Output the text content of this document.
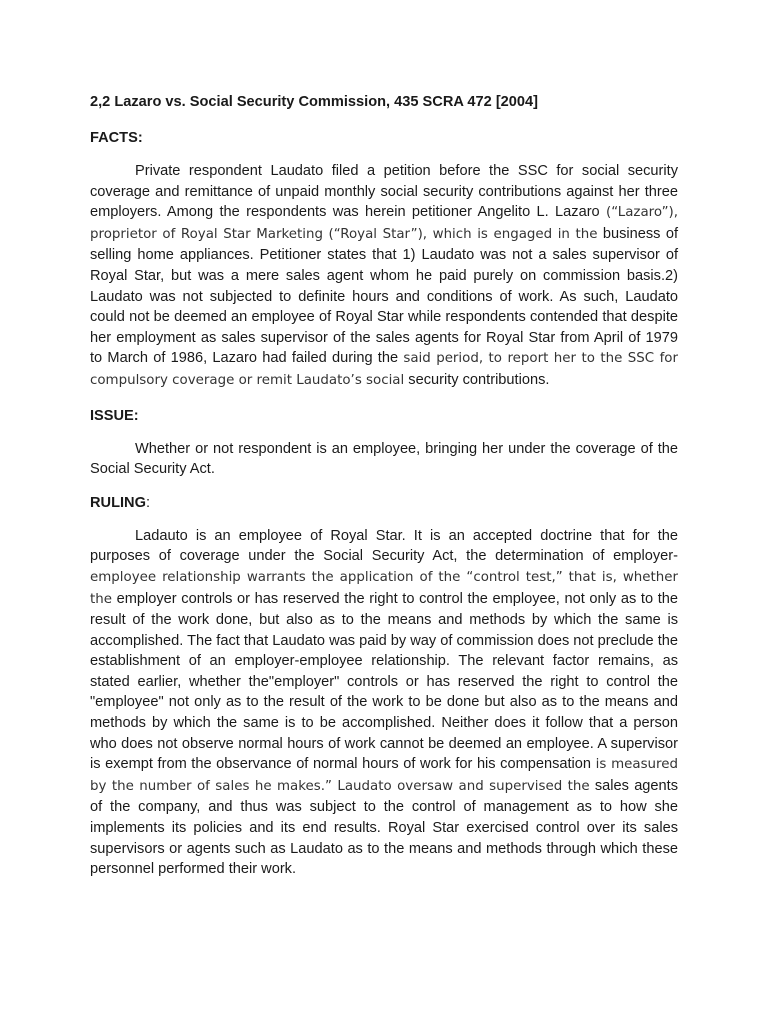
2,2 Lazaro vs. Social Security Commission, 435 SCRA 472 [2004]
FACTS:

Private respondent Laudato filed a petition before the SSC for social security coverage and remittance of unpaid monthly social security contributions against her three employers. Among the respondents was herein petitioner Angelito L. Lazaro (“Lazaro”), proprietor of Royal Star Marketing (“Royal Star”), which is engaged in the business of selling home appliances. Petitioner states that 1) Laudato was not a sales supervisor of Royal Star, but was a mere sales agent whom he paid purely on commission basis.2) Laudato was not subjected to definite hours and conditions of work. As such, Laudato could not be deemed an employee of Royal Star while respondents contended that despite her employment as sales supervisor of the sales agents for Royal Star from April of 1979 to March of 1986, Lazaro had failed during the said period, to report her to the SSC for compulsory coverage or remit Laudato’s social security contributions.

ISSUE:

Whether or not respondent is an employee, bringing her under the coverage of the Social Security Act.

RULING:

Ladauto is an employee of Royal Star. It is an accepted doctrine that for the purposes of coverage under the Social Security Act, the determination of employer-employee relationship warrants the application of the “control test,” that is, whether the employer controls or has reserved the right to control the employee, not only as to the result of the work done, but also as to the means and methods by which the same is accomplished. The fact that Laudato was paid by way of commission does not preclude the establishment of an employer-employee relationship. The relevant factor remains, as stated earlier, whether the"employer" controls or has reserved the right to control the "employee" not only as to the result of the work to be done but also as to the means and methods by which the same is to be accomplished. Neither does it follow that a person who does not observe normal hours of work cannot be deemed an employee. A supervisor is exempt from the observance of normal hours of work for his compensation is measured by the number of sales he makes.” Laudato oversaw and supervised the sales agents of the company, and thus was subject to the control of management as to how she implements its policies and its end results. Royal Star exercised control over its sales supervisors or agents such as Laudato as to the means and methods through which these personnel performed their work.
